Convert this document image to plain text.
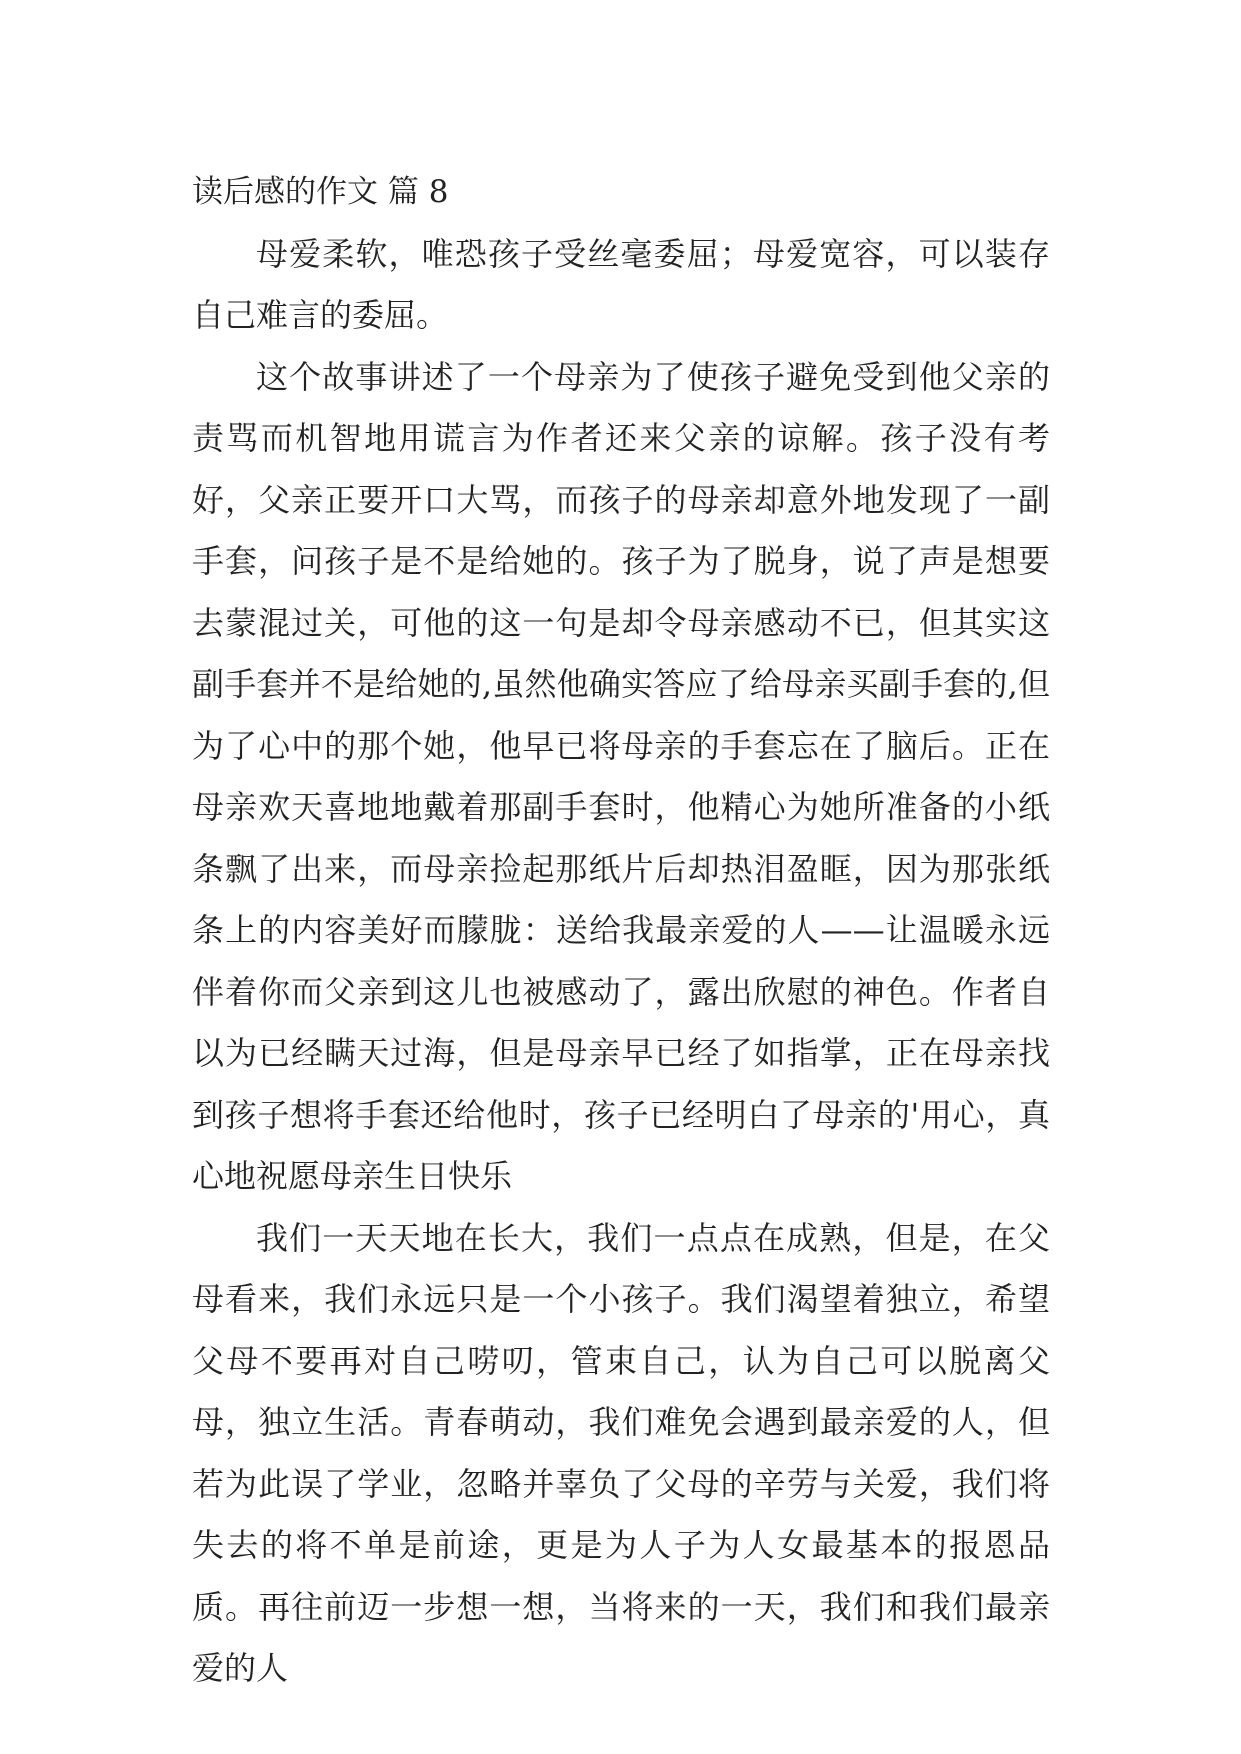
读后感的作文 篇 8

母爱柔软，唯恐孩子受丝毫委屈；母爱宽容，可以装存自己难言的委屈。

这个故事讲述了一个母亲为了使孩子避免受到他父亲的责骂而机智地用谎言为作者还来父亲的谅解。孩子没有考好，父亲正要开口大骂，而孩子的母亲却意外地发现了一副手套，问孩子是不是给她的。孩子为了脱身，说了声是想要去蒙混过关，可他的这一句是却令母亲感动不已，但其实这副手套并不是给她的,虽然他确实答应了给母亲买副手套的,但为了心中的那个她，他早已将母亲的手套忘在了脑后。正在母亲欢天喜地地戴着那副手套时，他精心为她所准备的小纸条飘了出来，而母亲捡起那纸片后却热泪盈眶，因为那张纸条上的内容美好而朦胧：送给我最亲爱的人——让温暖永远伴着你而父亲到这儿也被感动了，露出欣慰的神色。作者自以为已经瞒天过海，但是母亲早已经了如指掌，正在母亲找到孩子想将手套还给他时，孩子已经明白了母亲的'用心，真心地祝愿母亲生日快乐

我们一天天地在长大，我们一点点在成熟，但是，在父母看来，我们永远只是一个小孩子。我们渴望着独立，希望父母不要再对自己唠叨，管束自己，认为自己可以脱离父母，独立生活。青春萌动，我们难免会遇到最亲爱的人，但若为此误了学业，忽略并辜负了父母的辛劳与关爱，我们将失去的将不单是前途，更是为人子为人女最基本的报恩品质。再往前迈一步想一想，当将来的一天，我们和我们最亲爱的人
